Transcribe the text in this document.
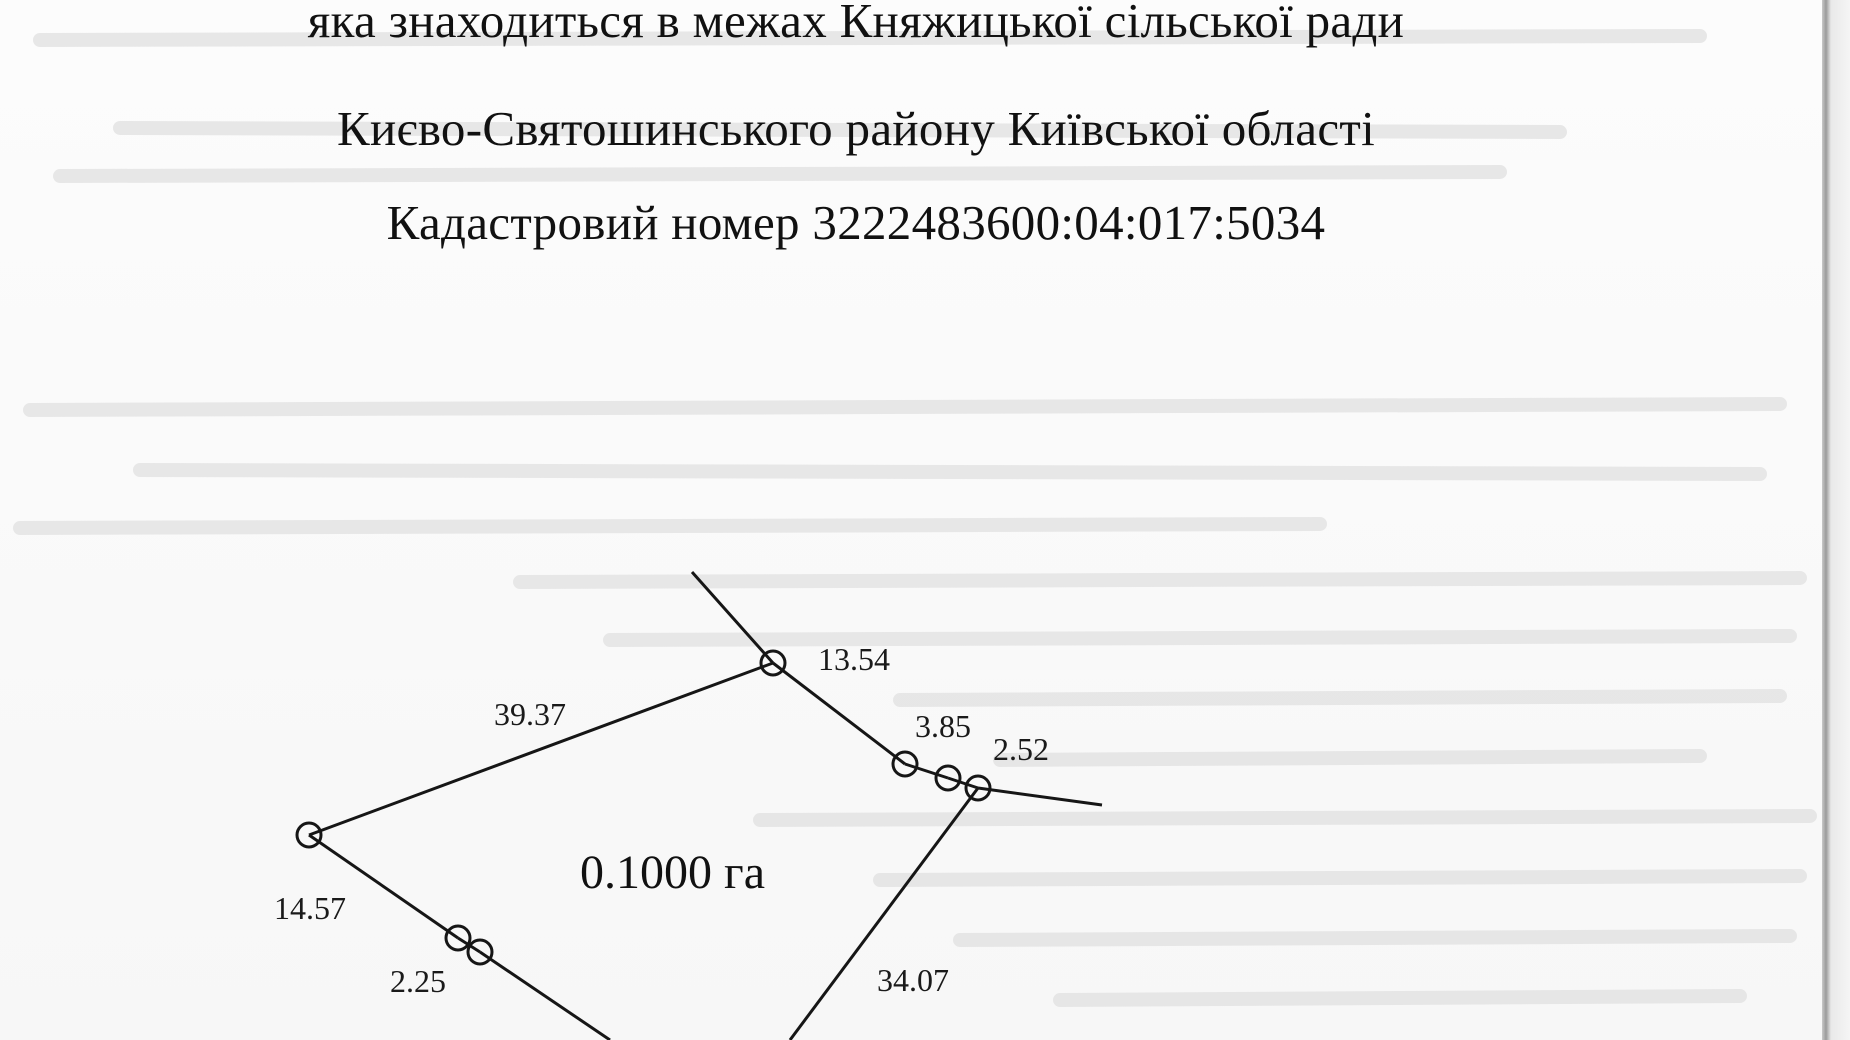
яка знаходиться в межах Княжицької сільської ради
Києво-Святошинського району Київської області
Кадастровий номер 3222483600:04:017:5034
39.37
13.54
3.85
2.52
14.57
2.25	34.07
0.1000 га
